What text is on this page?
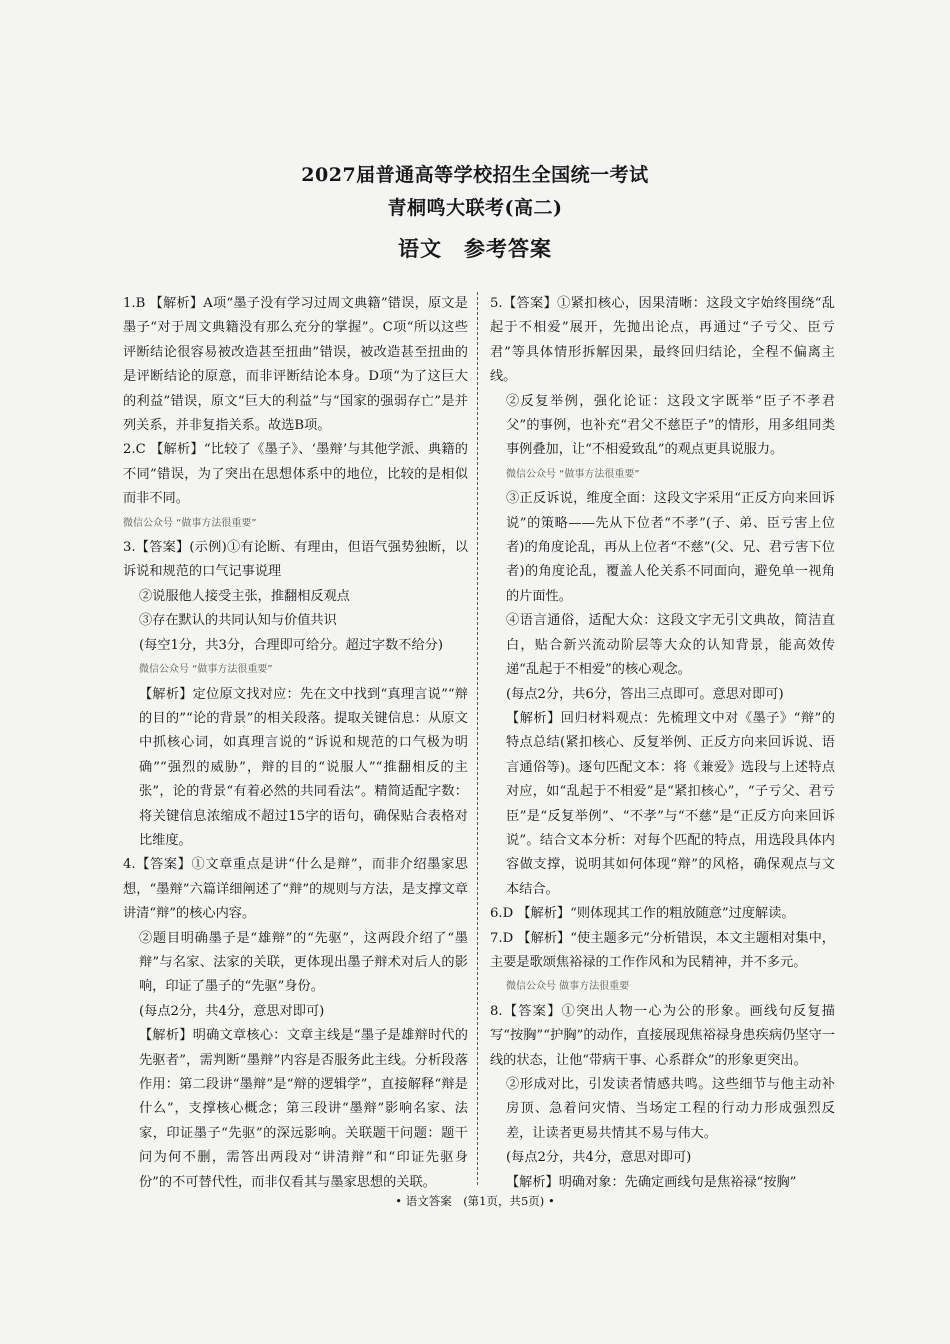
2027届普通高等学校招生全国统一考试
青桐鸣大联考(高二)
语文　参考答案

1.B 【解析】A项“墨子没有学习过周文典籍”错误，原文是墨子“对于周文典籍没有那么充分的掌握”。C项“所以这些评断结论很容易被改造甚至扭曲”错误，被改造甚至扭曲的是评断结论的原意，而非评断结论本身。D项“为了这巨大的利益”错误，原文“巨大的利益”与“国家的强弱存亡”是并列关系，并非复指关系。故选B项。

2.C 【解析】“比较了《墨子》、‘墨辩’与其他学派、典籍的不同”错误，为了突出在思想体系中的地位，比较的是相似而非不同。

微信公众号 “做事方法很重要”

3.【答案】(示例)①有论断、有理由，但语气强势独断，以诉说和规范的口气记事说理

②说服他人接受主张，推翻相反观点

③存在默认的共同认知与价值共识

(每空1分，共3分，合理即可给分。超过字数不给分)

微信公众号 “做事方法很重要”

【解析】定位原文找对应：先在文中找到“真理言说”“辩的目的”“论的背景”的相关段落。提取关键信息：从原文中抓核心词，如真理言说的“诉说和规范的口气极为明确”“强烈的威胁”，辩的目的“说服人”“推翻相反的主张”，论的背景“有着必然的共同看法”。精简适配字数：将关键信息浓缩成不超过15字的语句，确保贴合表格对比维度。

4.【答案】①文章重点是讲“什么是辩”，而非介绍墨家思想，“墨辩”六篇详细阐述了“辩”的规则与方法，是支撑文章讲清“辩”的核心内容。

②题目明确墨子是“雄辩”的“先驱”，这两段介绍了“墨辩”与名家、法家的关联，更体现出墨子辩术对后人的影响，印证了墨子的“先驱”身份。

(每点2分，共4分，意思对即可)

【解析】明确文章核心：文章主线是“墨子是雄辩时代的先驱者”，需判断“墨辩”内容是否服务此主线。分析段落作用：第二段讲“墨辩”是“辩的逻辑学”，直接解释“辩是什么”，支撑核心概念；第三段讲“墨辩”影响名家、法家，印证墨子“先驱”的深远影响。关联题干问题：题干问为何不删，需答出两段对“讲清辩”和“印证先驱身份”的不可替代性，而非仅看其与墨家思想的关联。

5.【答案】①紧扣核心，因果清晰：这段文字始终围绕“乱起于不相爱”展开，先抛出论点，再通过“子亏父、臣亏君”等具体情形拆解因果，最终回归结论，全程不偏离主线。

②反复举例，强化论证：这段文字既举“臣子不孝君父”的事例，也补充“君父不慈臣子”的情形，用多组同类事例叠加，让“不相爱致乱”的观点更具说服力。

微信公众号 “做事方法很重要”

③正反诉说，维度全面：这段文字采用“正反方向来回诉说”的策略——先从下位者“不孝”(子、弟、臣亏害上位者)的角度论乱，再从上位者“不慈”(父、兄、君亏害下位者)的角度论乱，覆盖人伦关系不同面向，避免单一视角的片面性。

④语言通俗，适配大众：这段文字无引文典故，简洁直白，贴合新兴流动阶层等大众的认知背景，能高效传递“乱起于不相爱”的核心观念。

(每点2分，共6分，答出三点即可。意思对即可)

【解析】回归材料观点：先梳理文中对《墨子》“辩”的特点总结(紧扣核心、反复举例、正反方向来回诉说、语言通俗等)。逐句匹配文本：将《兼爱》选段与上述特点对应，如“乱起于不相爱”是“紧扣核心”，“子亏父、君亏臣”是“反复举例”、“不孝”与“不慈”是“正反方向来回诉说”。结合文本分析：对每个匹配的特点，用选段具体内容做支撑，说明其如何体现“辩”的风格，确保观点与文本结合。

6.D 【解析】“则体现其工作的粗放随意”过度解读。

7.D 【解析】“使主题多元”分析错误，本文主题相对集中，主要是歌颂焦裕禄的工作作风和为民精神，并不多元。

微信公众号 做事方法很重要

8.【答案】①突出人物一心为公的形象。画线句反复描写“按胸”“护胸”的动作，直接展现焦裕禄身患疾病仍坚守一线的状态，让他“带病干事、心系群众”的形象更突出。

②形成对比，引发读者情感共鸣。这些细节与他主动补房顶、急着问灾情、当场定工程的行动力形成强烈反差，让读者更易共情其不易与伟大。

(每点2分，共4分，意思对即可)

【解析】明确对象：先确定画线句是焦裕禄“按胸”

• 语文答案　(第1页，共5页) •
